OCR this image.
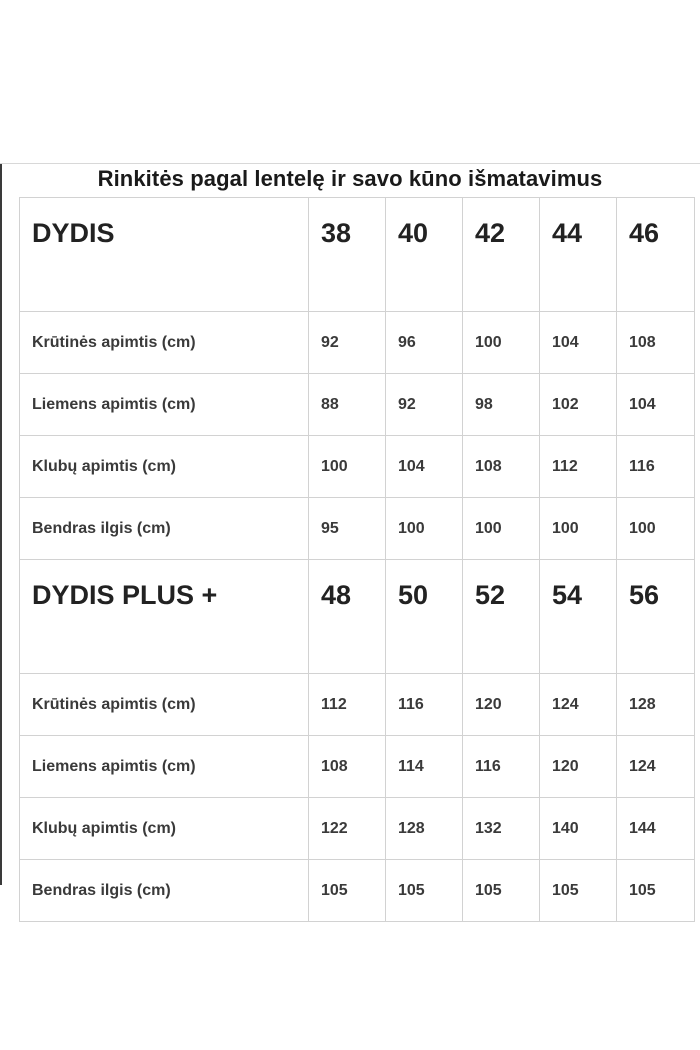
Rinkitės pagal lentelę ir savo kūno išmatavimus
DYDIS	38	40	42	44	46
Krūtinės apimtis (cm)	92	96	100	104	108
Liemens apimtis (cm)	88	92	98	102	104
Klubų apimtis (cm)	100	104	108	112	116
Bendras ilgis (cm)	95	100	100	100	100
DYDIS PLUS +	48	50	52	54	56
Krūtinės apimtis (cm)	112	116	120	124	128
Liemens apimtis (cm)	108	114	116	120	124
Klubų apimtis (cm)	122	128	132	140	144
Bendras ilgis (cm)	105	105	105	105	105
